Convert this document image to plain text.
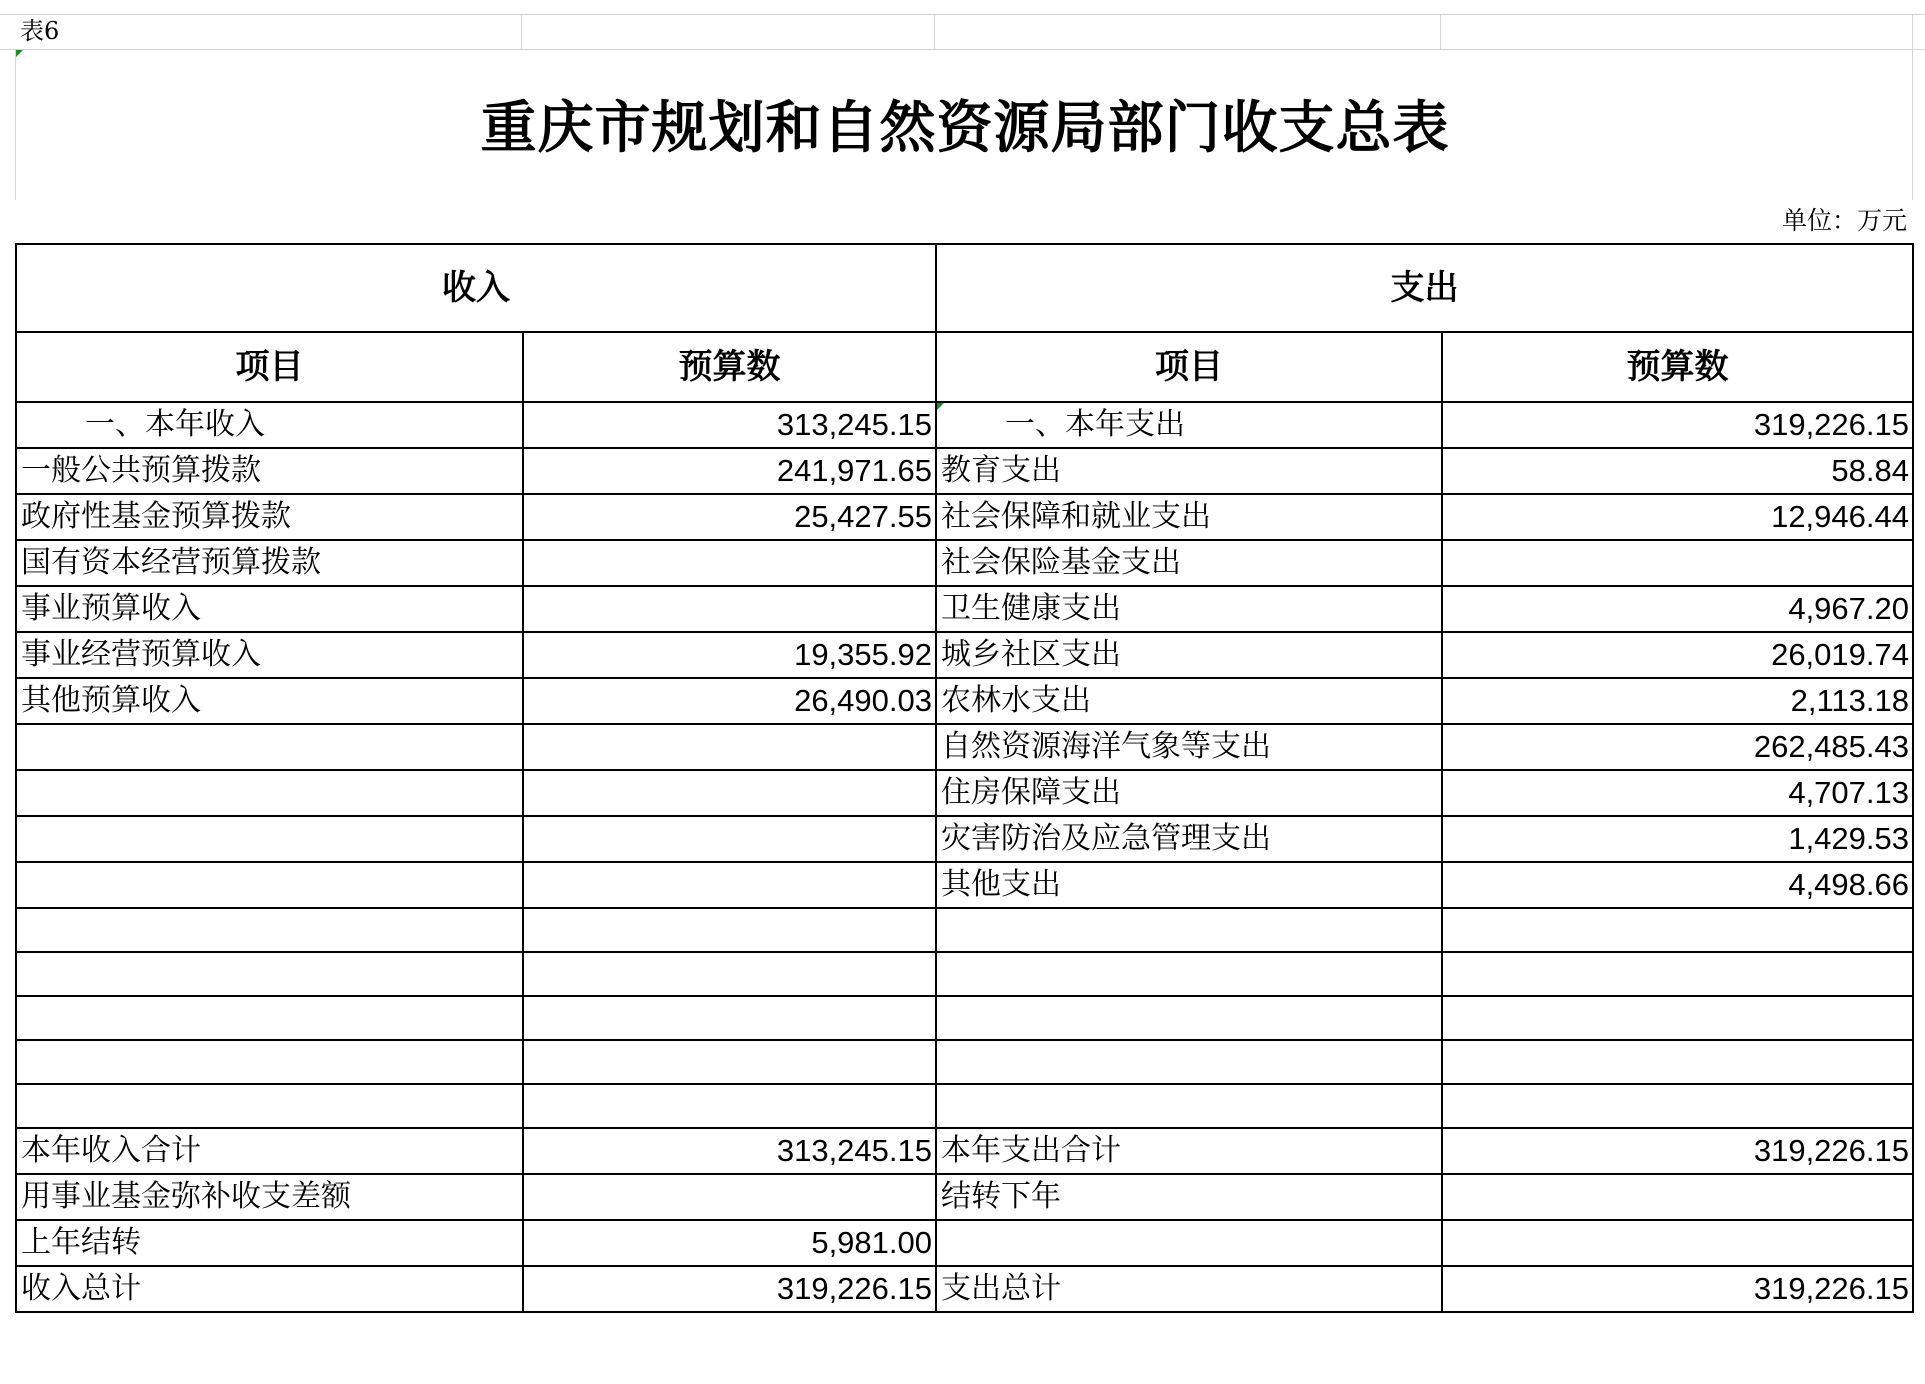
表6
重庆市规划和自然资源局部门收支总表
单位：万元
收入		支出	
项目	预算数	项目	预算数
一、本年收入	313,245.15	一、本年支出	319,226.15
一般公共预算拨款	241,971.65	教育支出	58.84
政府性基金预算拨款	25,427.55	社会保障和就业支出	12,946.44
国有资本经营预算拨款		社会保险基金支出	
事业预算收入		卫生健康支出	4,967.20
事业经营预算收入	19,355.92	城乡社区支出	26,019.74
其他预算收入	26,490.03	农林水支出	2,113.18
		自然资源海洋气象等支出	262,485.43
		住房保障支出	4,707.13
		灾害防治及应急管理支出	1,429.53
		其他支出	4,498.66

本年收入合计	313,245.15	本年支出合计	319,226.15
用事业基金弥补收支差额		结转下年	
上年结转	5,981.00		
收入总计	319,226.15	支出总计	319,226.15
